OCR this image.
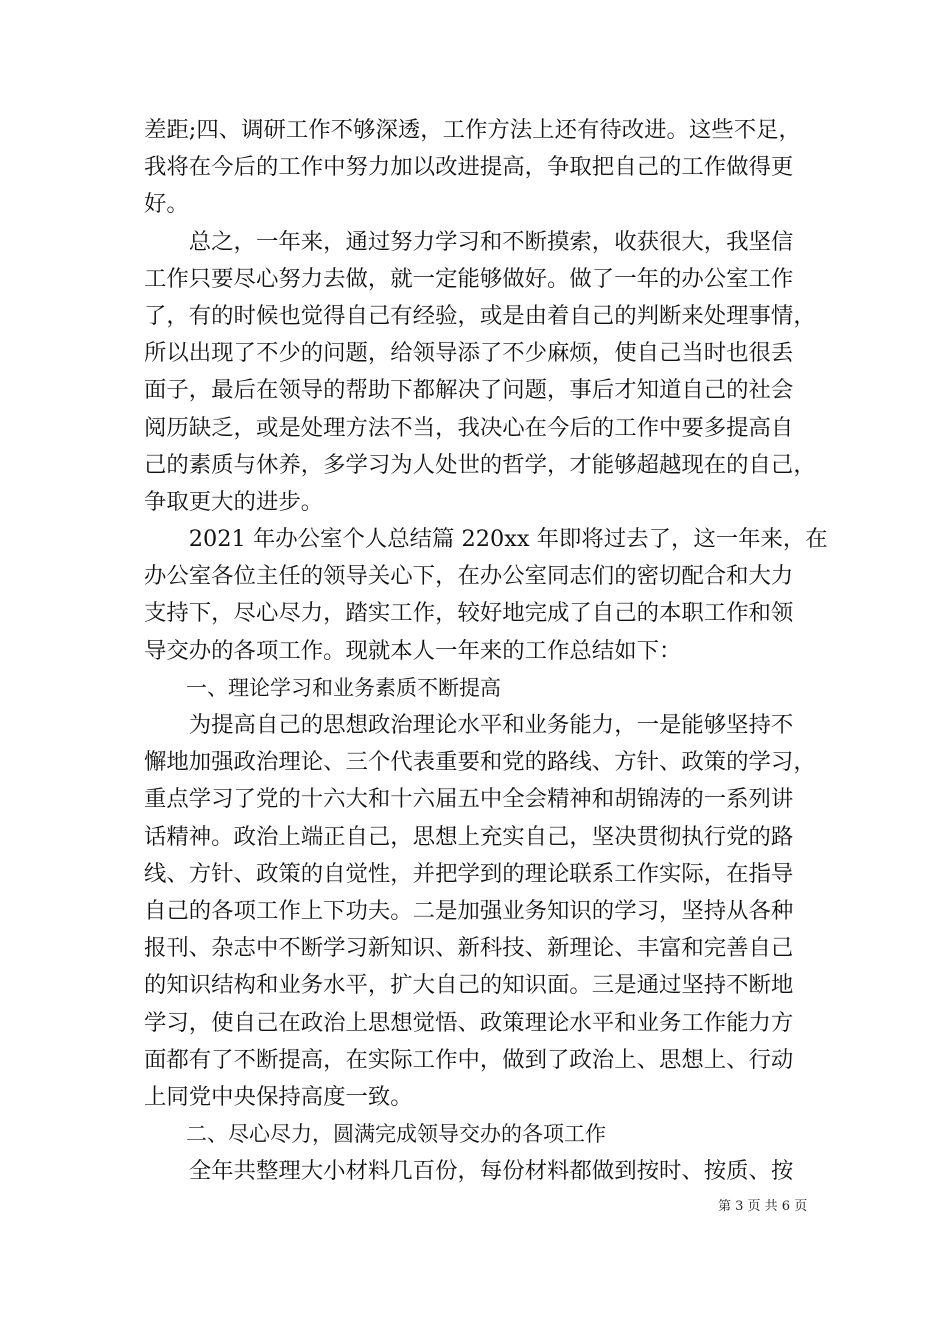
差距;四、调研工作不够深透，工作方法上还有待改进。这些不足，
我将在今后的工作中努力加以改进提高，争取把自己的工作做得更
好。
　　总之，一年来，通过努力学习和不断摸索，收获很大，我坚信
工作只要尽心努力去做，就一定能够做好。做了一年的办公室工作
了，有的时候也觉得自己有经验，或是由着自己的判断来处理事情，
所以出现了不少的问题，给领导添了不少麻烦，使自己当时也很丢
面子，最后在领导的帮助下都解决了问题，事后才知道自己的社会
阅历缺乏，或是处理方法不当，我决心在今后的工作中要多提高自
己的素质与休养，多学习为人处世的哲学，才能够超越现在的自己，
争取更大的进步。
　　2021 年办公室个人总结篇 220xx 年即将过去了，这一年来，在
办公室各位主任的领导关心下，在办公室同志们的密切配合和大力
支持下，尽心尽力，踏实工作，较好地完成了自己的本职工作和领
导交办的各项工作。现就本人一年来的工作总结如下：
　　一、理论学习和业务素质不断提高
　　为提高自己的思想政治理论水平和业务能力，一是能够坚持不
懈地加强政治理论、三个代表重要和党的路线、方针、政策的学习，
重点学习了党的十六大和十六届五中全会精神和胡锦涛的一系列讲
话精神。政治上端正自己，思想上充实自己，坚决贯彻执行党的路
线、方针、政策的自觉性，并把学到的理论联系工作实际，在指导
自己的各项工作上下功夫。二是加强业务知识的学习，坚持从各种
报刊、杂志中不断学习新知识、新科技、新理论、丰富和完善自己
的知识结构和业务水平，扩大自己的知识面。三是通过坚持不断地
学习，使自己在政治上思想觉悟、政策理论水平和业务工作能力方
面都有了不断提高，在实际工作中，做到了政治上、思想上、行动
上同党中央保持高度一致。
　　二、尽心尽力，圆满完成领导交办的各项工作
　　全年共整理大小材料几百份，每份材料都做到按时、按质、按
第 3 页 共 6 页
